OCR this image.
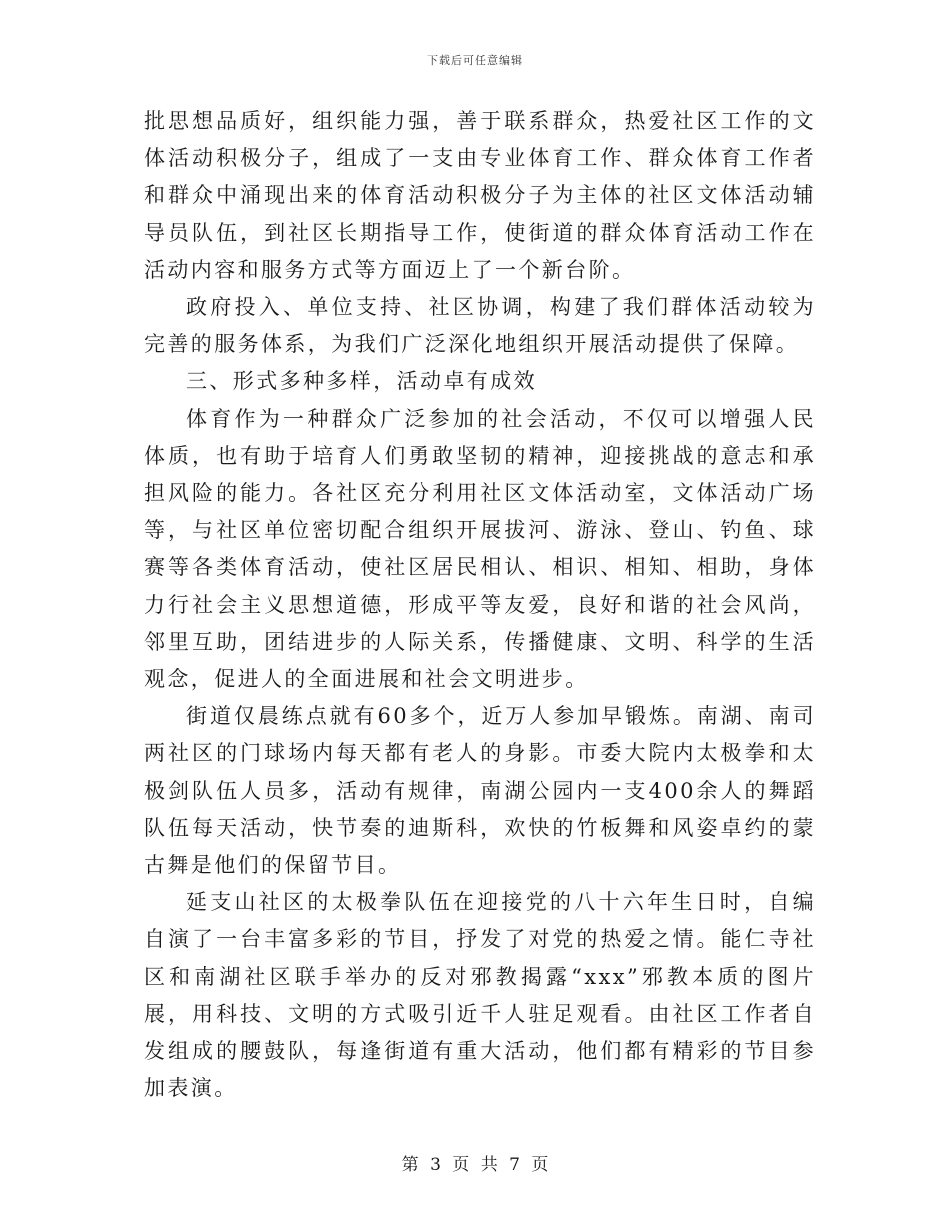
下载后可任意编辑

批思想品质好，组织能力强，善于联系群众，热爱社区工作的文体活动积极分子，组成了一支由专业体育工作、群众体育工作者和群众中涌现出来的体育活动积极分子为主体的社区文体活动辅导员队伍，到社区长期指导工作，使街道的群众体育活动工作在活动内容和服务方式等方面迈上了一个新台阶。

政府投入、单位支持、社区协调，构建了我们群体活动较为完善的服务体系，为我们广泛深化地组织开展活动提供了保障。

三、形式多种多样，活动卓有成效

体育作为一种群众广泛参加的社会活动，不仅可以增强人民体质，也有助于培育人们勇敢坚韧的精神，迎接挑战的意志和承担风险的能力。各社区充分利用社区文体活动室，文体活动广场等，与社区单位密切配合组织开展拔河、游泳、登山、钓鱼、球赛等各类体育活动，使社区居民相认、相识、相知、相助，身体力行社会主义思想道德，形成平等友爱，良好和谐的社会风尚，邻里互助，团结进步的人际关系，传播健康、文明、科学的生活观念，促进人的全面进展和社会文明进步。

街道仅晨练点就有60多个，近万人参加早锻炼。南湖、南司两社区的门球场内每天都有老人的身影。市委大院内太极拳和太极剑队伍人员多，活动有规律，南湖公园内一支400余人的舞蹈队伍每天活动，快节奏的迪斯科，欢快的竹板舞和风姿卓约的蒙古舞是他们的保留节目。

延支山社区的太极拳队伍在迎接党的八十六年生日时，自编自演了一台丰富多彩的节目，抒发了对党的热爱之情。能仁寺社区和南湖社区联手举办的反对邪教揭露“xxx”邪教本质的图片展，用科技、文明的方式吸引近千人驻足观看。由社区工作者自发组成的腰鼓队，每逢街道有重大活动，他们都有精彩的节目参加表演。

第 3 页 共 7 页
